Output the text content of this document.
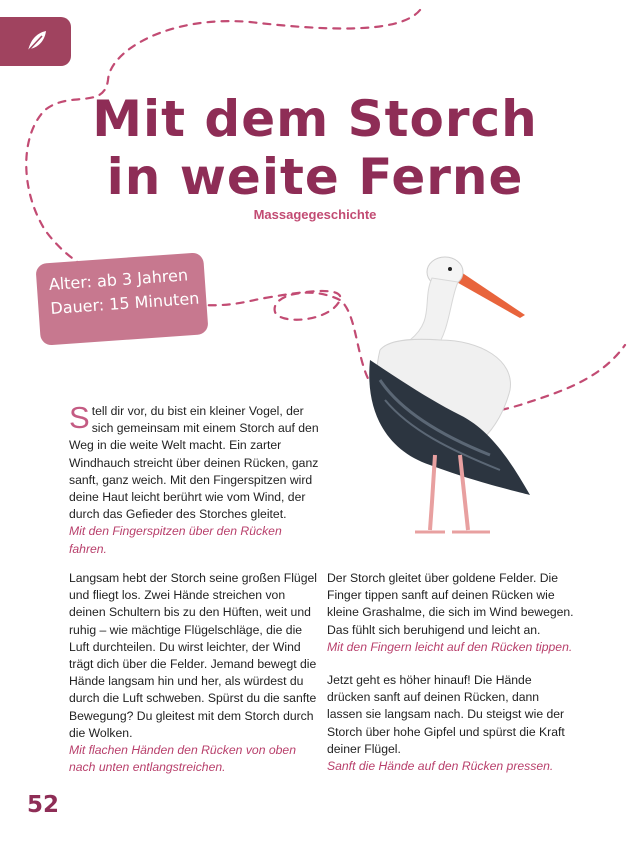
Mit dem Storch
in weite Ferne
Massagegeschichte
Alter: ab 3 Jahren
Dauer: 15 Minuten

Stell dir vor, du bist ein kleiner Vogel, der sich gemeinsam mit einem Storch auf den Weg in die weite Welt macht. Ein zarter Windhauch streicht über deinen Rücken, ganz sanft, ganz weich. Mit den Fingerspitzen wird deine Haut leicht berührt wie vom Wind, der durch das Gefieder des Storches gleitet.

Mit den Fingerspitzen über den Rücken fahren.

Langsam hebt der Storch seine großen Flügel und fliegt los. Zwei Hände streichen von deinen Schultern bis zu den Hüften, weit und ruhig – wie mächtige Flügelschläge, die die Luft durchteilen. Du wirst leichter, der Wind trägt dich über die Felder. Jemand bewegt die Hände langsam hin und her, als würdest du durch die Luft schweben. Spürst du die sanfte Bewegung? Du gleitest mit dem Storch durch die Wolken.

Mit flachen Händen den Rücken von oben nach unten entlangstreichen.

Der Storch gleitet über goldene Felder. Die Finger tippen sanft auf deinen Rücken wie kleine Grashalme, die sich im Wind bewegen. Das fühlt sich beruhigend und leicht an.

Mit den Fingern leicht auf den Rücken tippen.

Jetzt geht es höher hinauf! Die Hände drücken sanft auf deinen Rücken, dann lassen sie langsam nach. Du steigst wie der Storch über hohe Gipfel und spürst die Kraft deiner Flügel.

Sanft die Hände auf den Rücken pressen.

52
